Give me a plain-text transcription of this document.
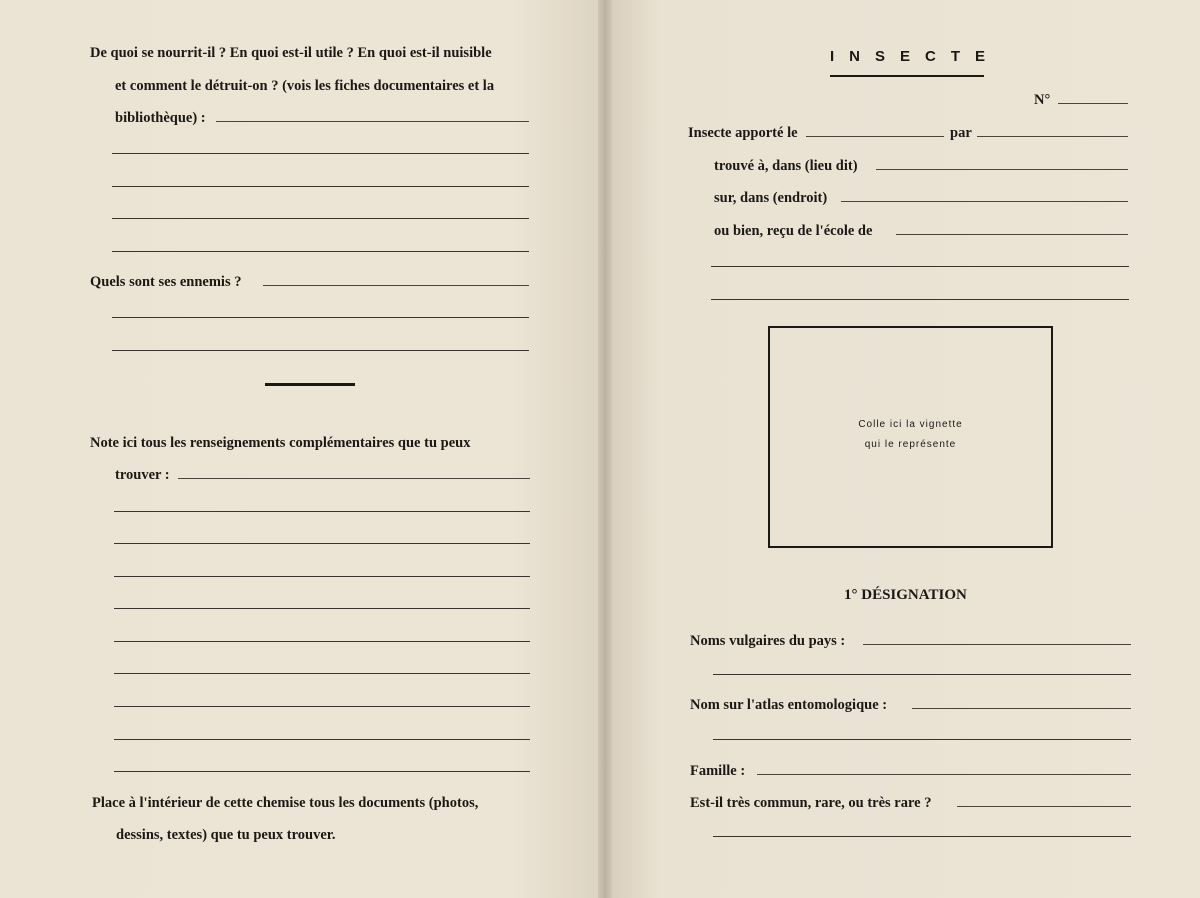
De quoi se nourrit-il ? En quoi est-il utile ? En quoi est-il nuisible
et comment le détruit-on ? (vois les fiches documentaires et la
bibliothèque) :
Quels sont ses ennemis ?
Note ici tous les renseignements complémentaires que tu peux
trouver :
Place à l'intérieur de cette chemise tous les documents (photos,
dessins, textes) que tu peux trouver.
INSECTE
N°
Insecte apporté le	par
trouvé à, dans (lieu dit)
sur, dans (endroit)
ou bien, reçu de l'école de
Colle ici la vignette
qui le représente
1° DÉSIGNATION
Noms vulgaires du pays :
Nom sur l'atlas entomologique :
Famille :
Est-il très commun, rare, ou très rare ?
